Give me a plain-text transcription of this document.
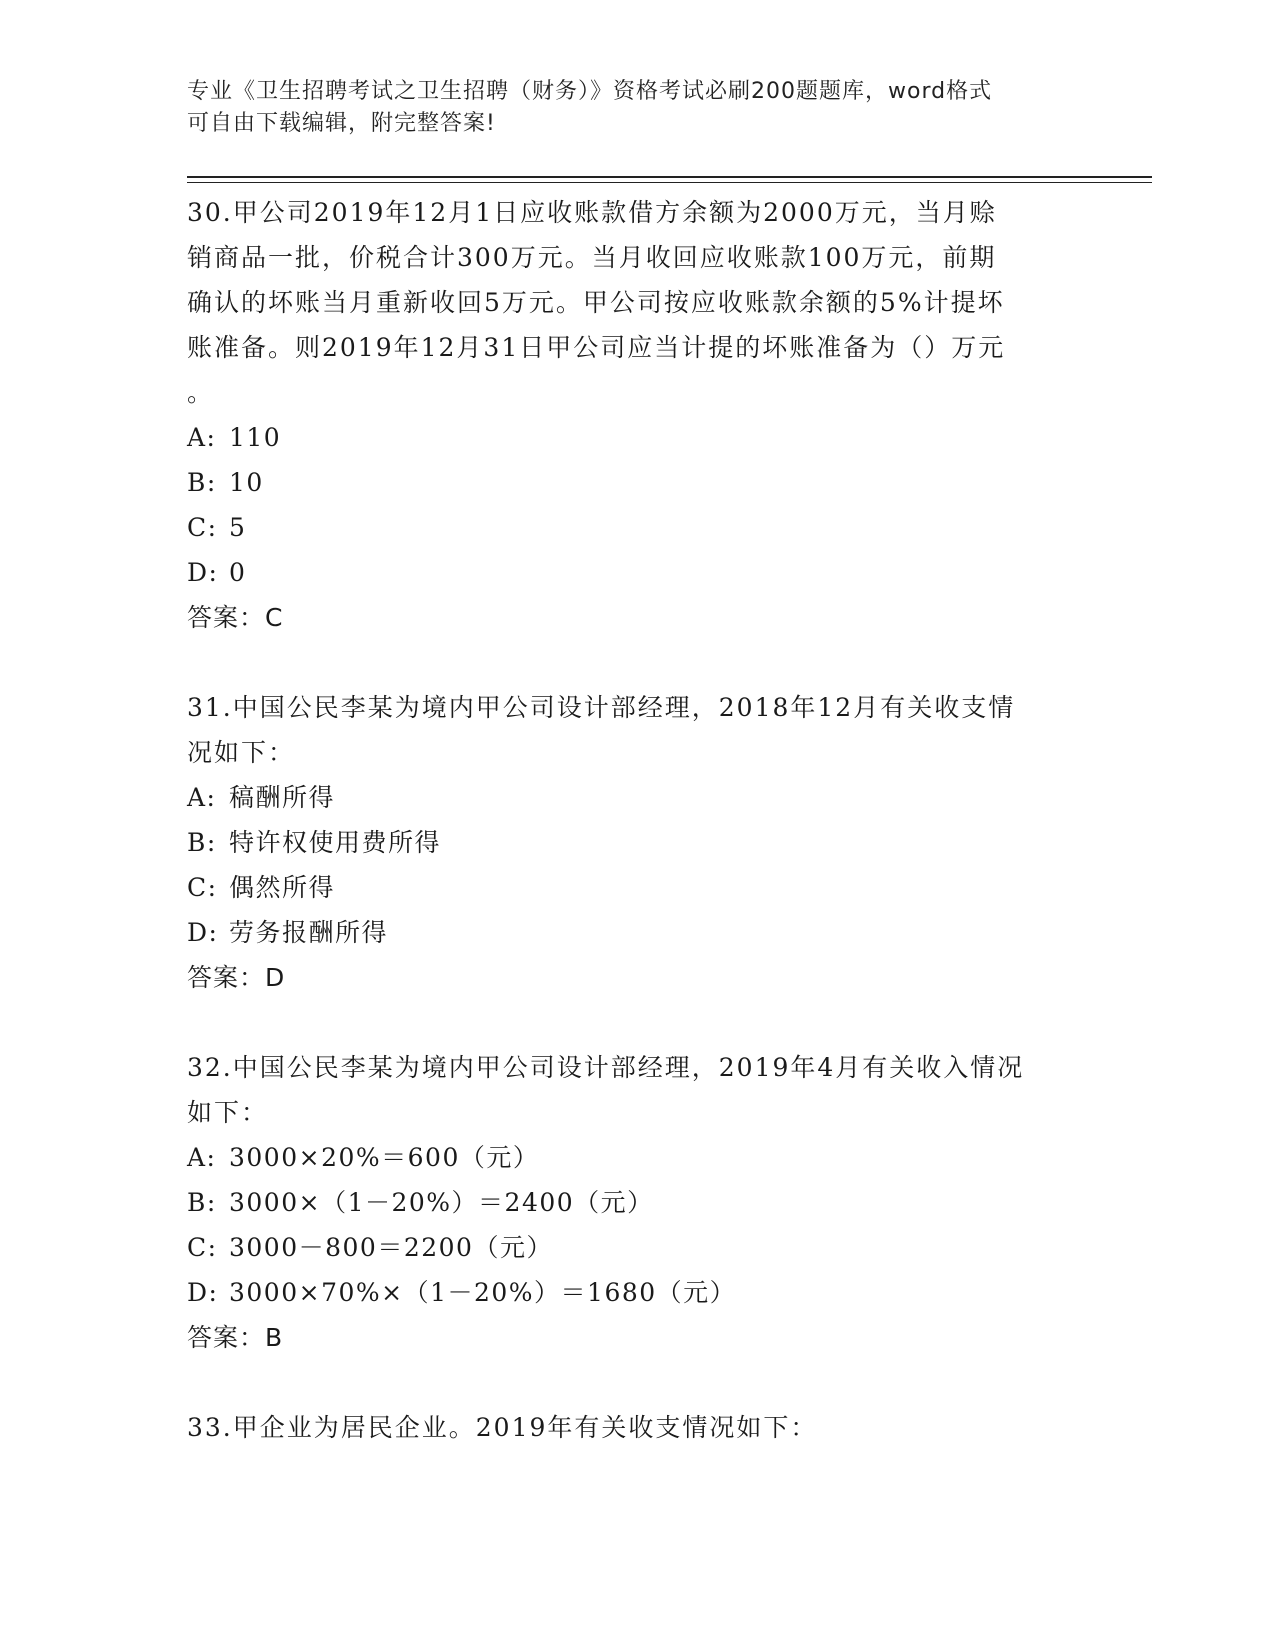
专业《卫生招聘考试之卫生招聘（财务）》资格考试必刷200题题库，word格式
可自由下载编辑，附完整答案!

30.甲公司2019年12月1日应收账款借方余额为2000万元，当月赊

销商品一批，价税合计300万元。当月收回应收账款100万元，前期

确认的坏账当月重新收回5万元。甲公司按应收账款余额的5%计提坏

账准备。则2019年12月31日甲公司应当计提的坏账准备为（）万元

。

A: 110

B: 10

C: 5

D: 0

答案：C

31.中国公民李某为境内甲公司设计部经理，2018年12月有关收支情

况如下：

A: 稿酬所得

B: 特许权使用费所得

C: 偶然所得

D: 劳务报酬所得

答案：D

32.中国公民李某为境内甲公司设计部经理，2019年4月有关收入情况

如下：

A: 3000×20%＝600（元）

B: 3000×（1－20%）＝2400（元）

C: 3000－800＝2200（元）

D: 3000×70%×（1－20%）＝1680（元）

答案：B

33.甲企业为居民企业。2019年有关收支情况如下：
